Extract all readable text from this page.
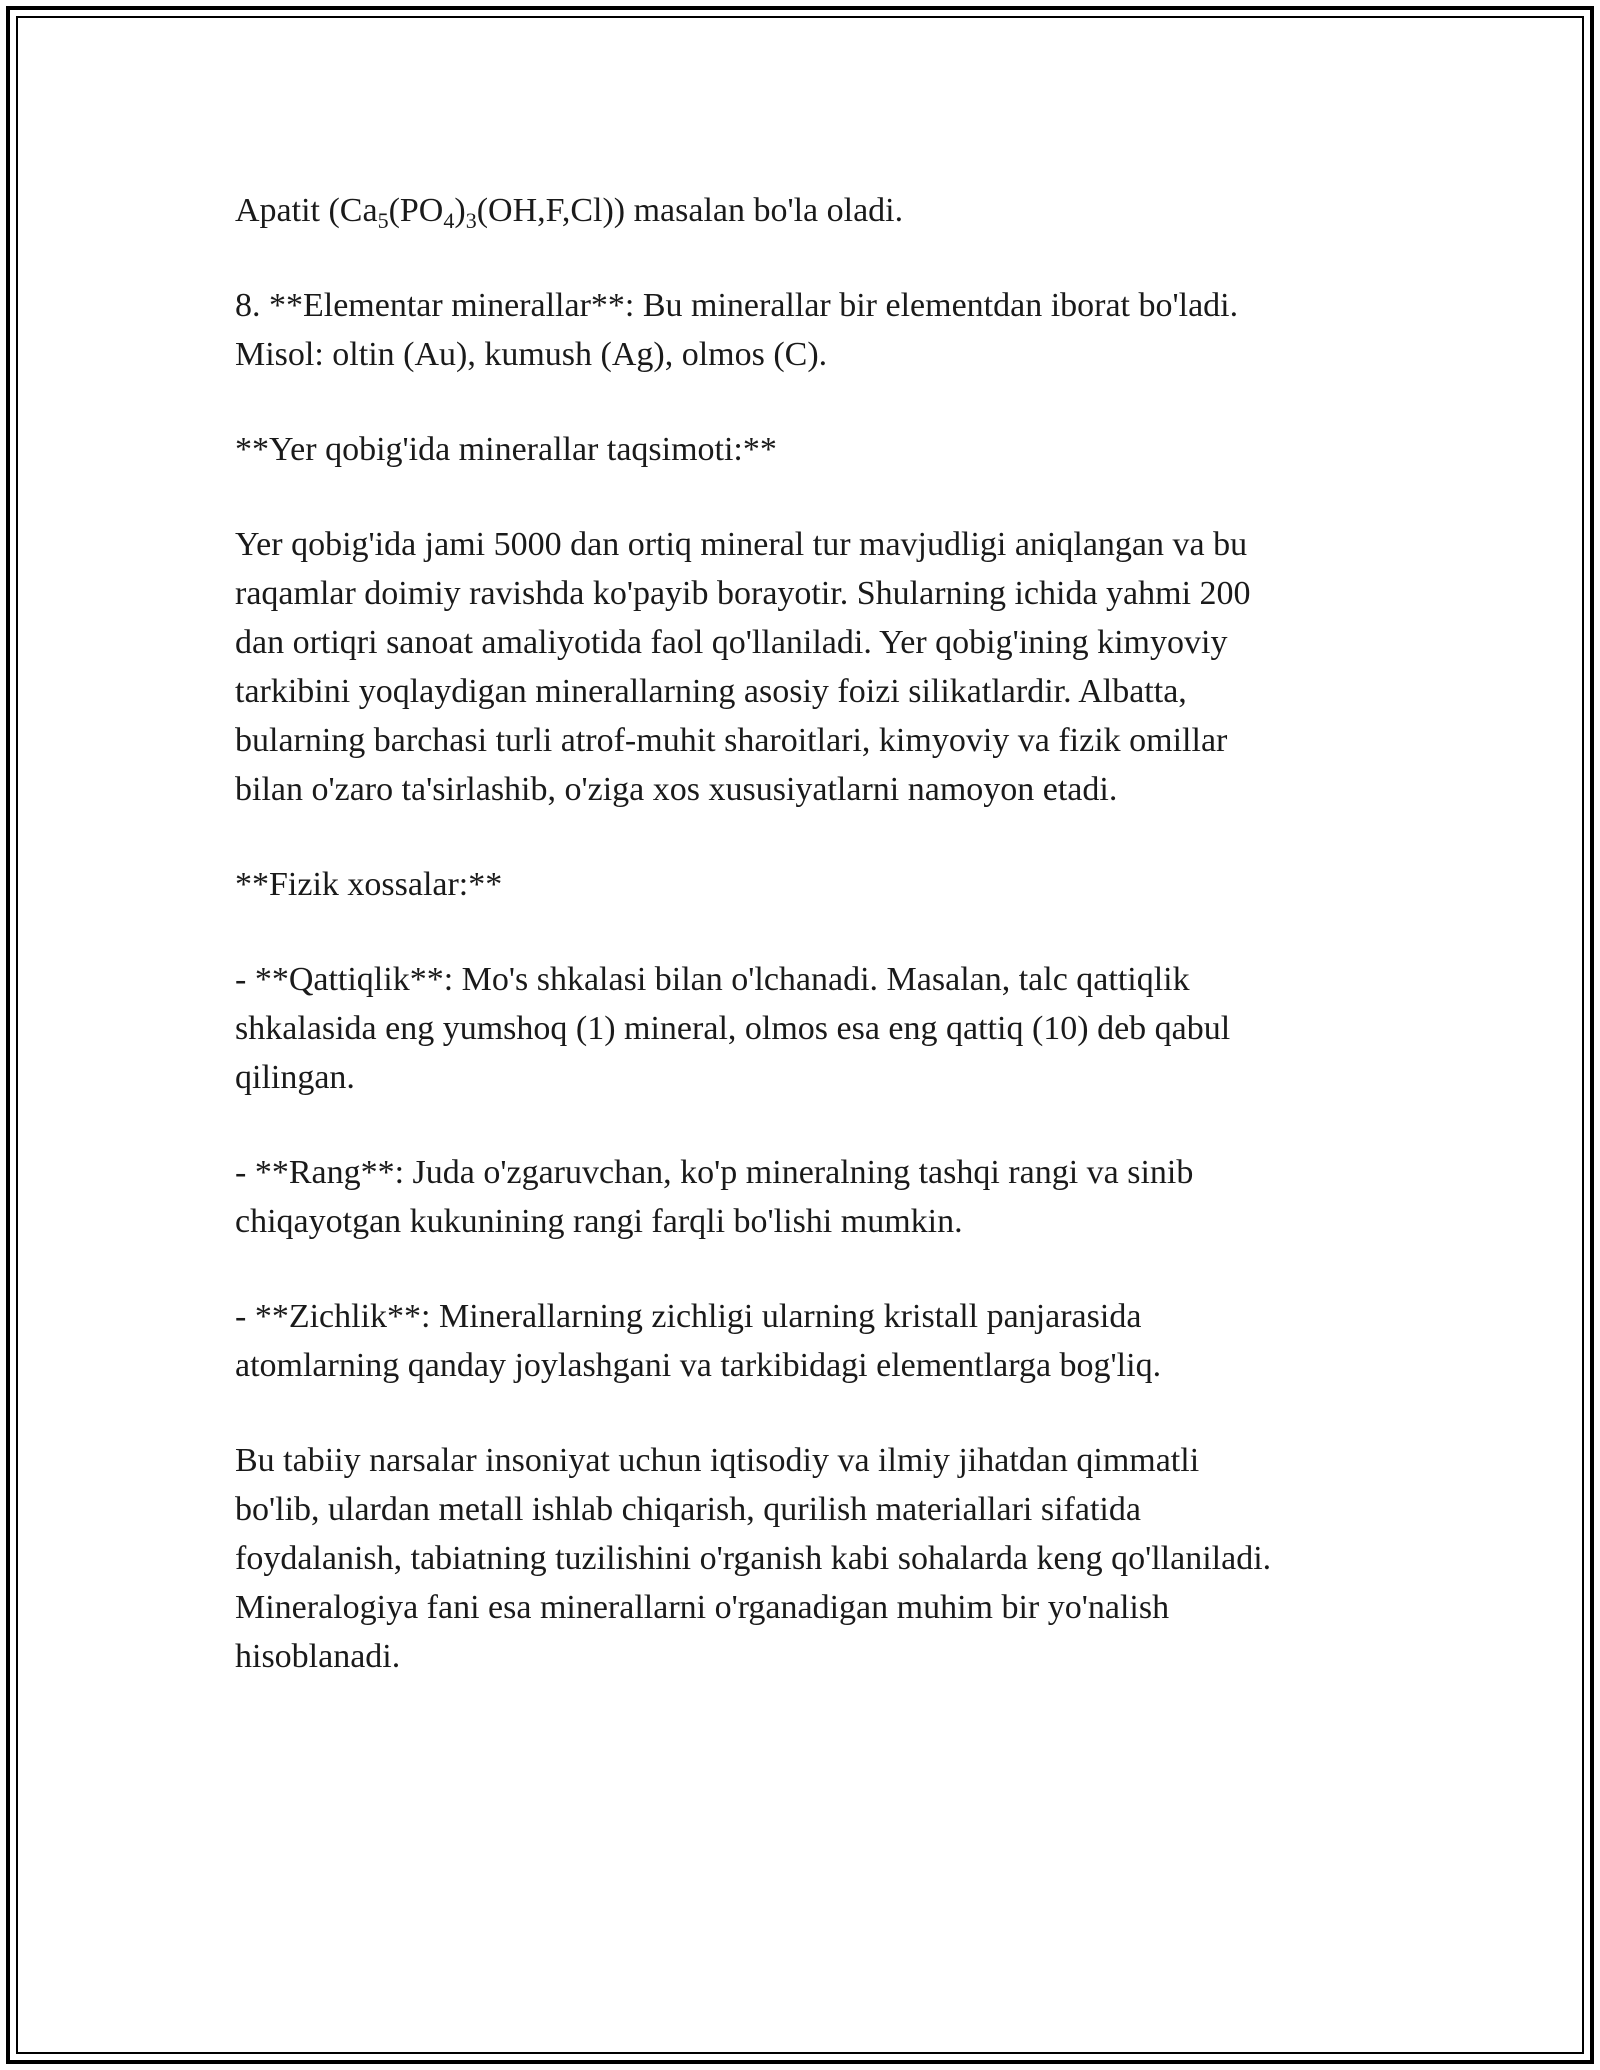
Apatit $(Ca_5(PO_4)_3(OH,F,Cl))$ masalan bo'la oladi.

8. **Elementar minerallar**: Bu minerallar bir elementdan iborat bo'ladi.
Misol: oltin (Au), kumush (Ag), olmos (C).

**Yer qobig'ida minerallar taqsimoti:**

Yer qobig'ida jami 5000 dan ortiq mineral tur mavjudligi aniqlangan va bu
raqamlar doimiy ravishda ko'payib borayotir. Shularning ichida yahmi 200
dan ortiqri sanoat amaliyotida faol qo'llaniladi. Yer qobig'ining kimyoviy
tarkibini yoqlaydigan minerallarning asosiy foizi silikatlardir. Albatta,
bularning barchasi turli atrof-muhit sharoitlari, kimyoviy va fizik omillar
bilan o'zaro ta'sirlashib, o'ziga xos xususiyatlarni namoyon etadi.

**Fizik xossalar:**

- **Qattiqlik**: Mo's shkalasi bilan o'lchanadi. Masalan, talc qattiqlik
shkalasida eng yumshoq (1) mineral, olmos esa eng qattiq (10) deb qabul
qilingan.

- **Rang**: Juda o'zgaruvchan, ko'p mineralning tashqi rangi va sinib
chiqayotgan kukunining rangi farqli bo'lishi mumkin.

- **Zichlik**: Minerallarning zichligi ularning kristall panjarasida
atomlarning qanday joylashgani va tarkibidagi elementlarga bog'liq.

Bu tabiiy narsalar insoniyat uchun iqtisodiy va ilmiy jihatdan qimmatli
bo'lib, ulardan metall ishlab chiqarish, qurilish materiallari sifatida
foydalanish, tabiatning tuzilishini o'rganish kabi sohalarda keng qo'llaniladi.
Mineralogiya fani esa minerallarni o'rganadigan muhim bir yo'nalish
hisoblanadi.
